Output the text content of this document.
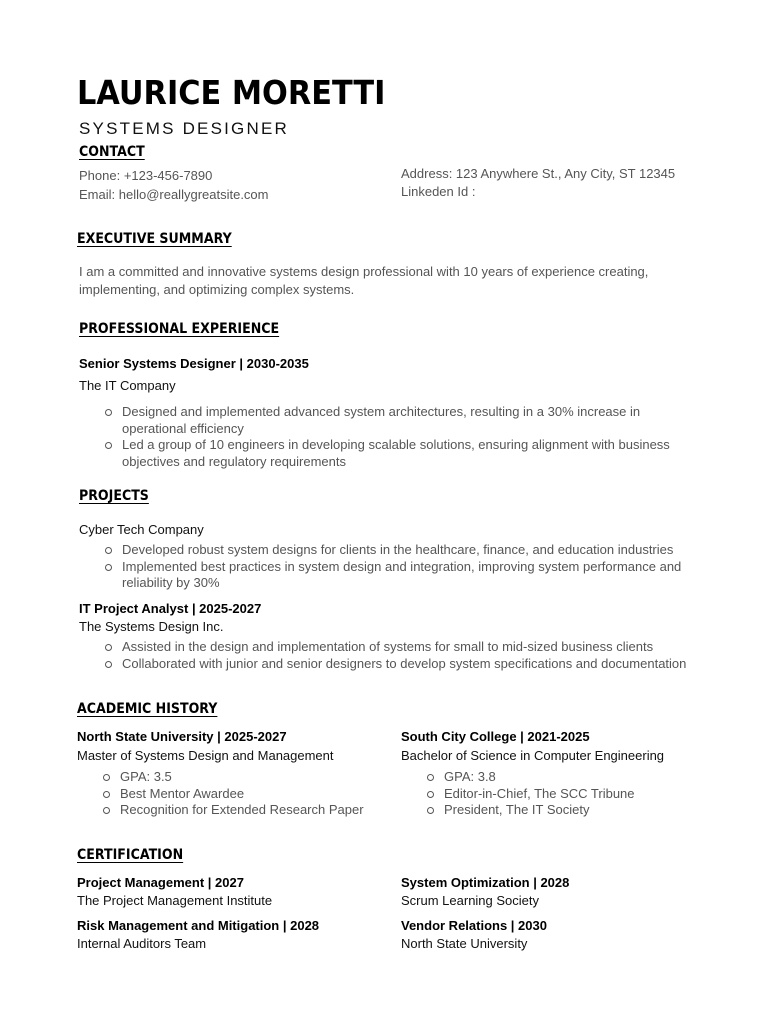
LAURICE MORETTI
SYSTEMS DESIGNER
CONTACT
Phone: +123-456-7890
Email: hello@reallygreatsite.com
Address: 123 Anywhere St., Any City, ST 12345
Linkeden Id :
EXECUTIVE SUMMARY
I am a committed and innovative systems design professional with 10 years of experience creating, implementing, and optimizing complex systems.
PROFESSIONAL EXPERIENCE
Senior Systems Designer | 2030-2035
The IT Company
Designed and implemented advanced system architectures, resulting in a 30% increase in operational efficiency
Led a group of 10 engineers in developing scalable solutions, ensuring alignment with business objectives and regulatory requirements
PROJECTS
Cyber Tech Company
Developed robust system designs for clients in the healthcare, finance, and education industries
Implemented best practices in system design and integration, improving system performance and reliability by 30%
IT Project Analyst | 2025-2027
The Systems Design Inc.
Assisted in the design and implementation of systems for small to mid-sized business clients
Collaborated with junior and senior designers to develop system specifications and documentation
ACADEMIC HISTORY
North State University | 2025-2027
Master of Systems Design and Management
GPA: 3.5
Best Mentor Awardee
Recognition for Extended Research Paper
South City College | 2021-2025
Bachelor of Science in Computer Engineering
GPA: 3.8
Editor-in-Chief, The SCC Tribune
President, The IT Society
CERTIFICATION
Project Management | 2027
The Project Management Institute
System Optimization | 2028
Scrum Learning Society
Risk Management and Mitigation | 2028
Internal Auditors Team
Vendor Relations | 2030
North State University
